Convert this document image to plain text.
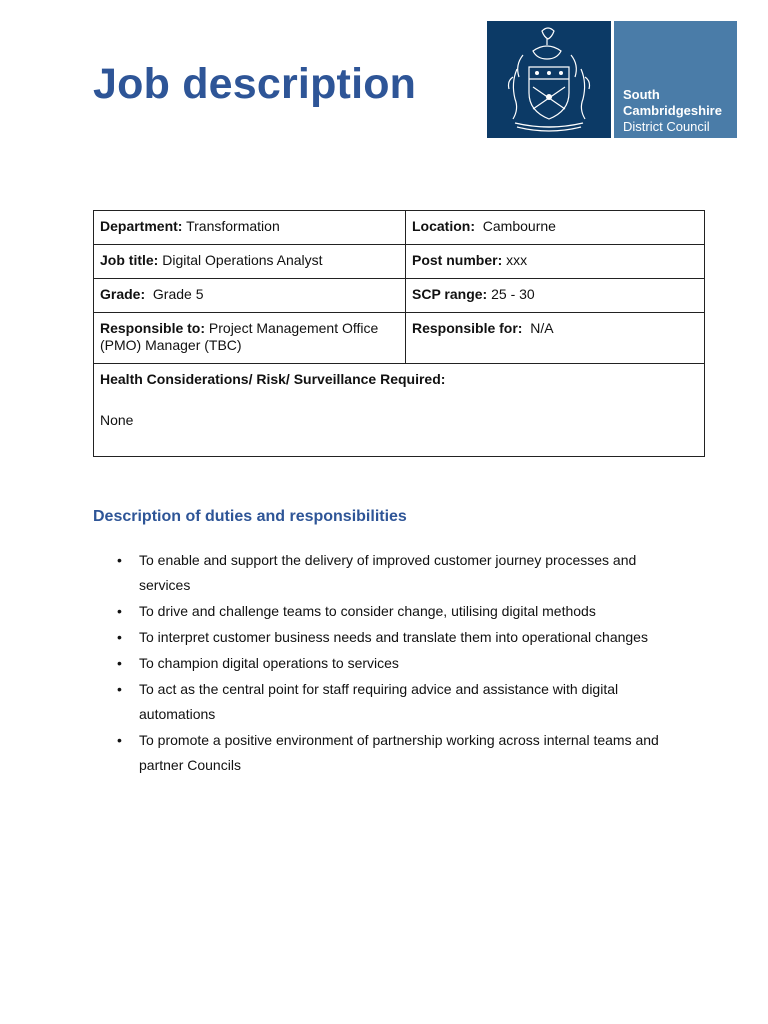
Job description	South
Cambridgeshire
District Council
Department: Transformation	Location: Cambourne
Job title: Digital Operations Analyst	Post number: xxx
Grade: Grade 5	SCP range: 25 - 30
Responsible to: Project Management Office (PMO) Manager (TBC)	Responsible for: N/A

Health Considerations/ Risk/ Surveillance Required:
None	
Description of duties and responsibilities
• To enable and support the delivery of improved customer journey processes and services
• To drive and challenge teams to consider change, utilising digital methods
• To interpret customer business needs and translate them into operational changes
• To champion digital operations to services
• To act as the central point for staff requiring advice and assistance with digital automations
• To promote a positive environment of partnership working across internal teams and partner Councils
